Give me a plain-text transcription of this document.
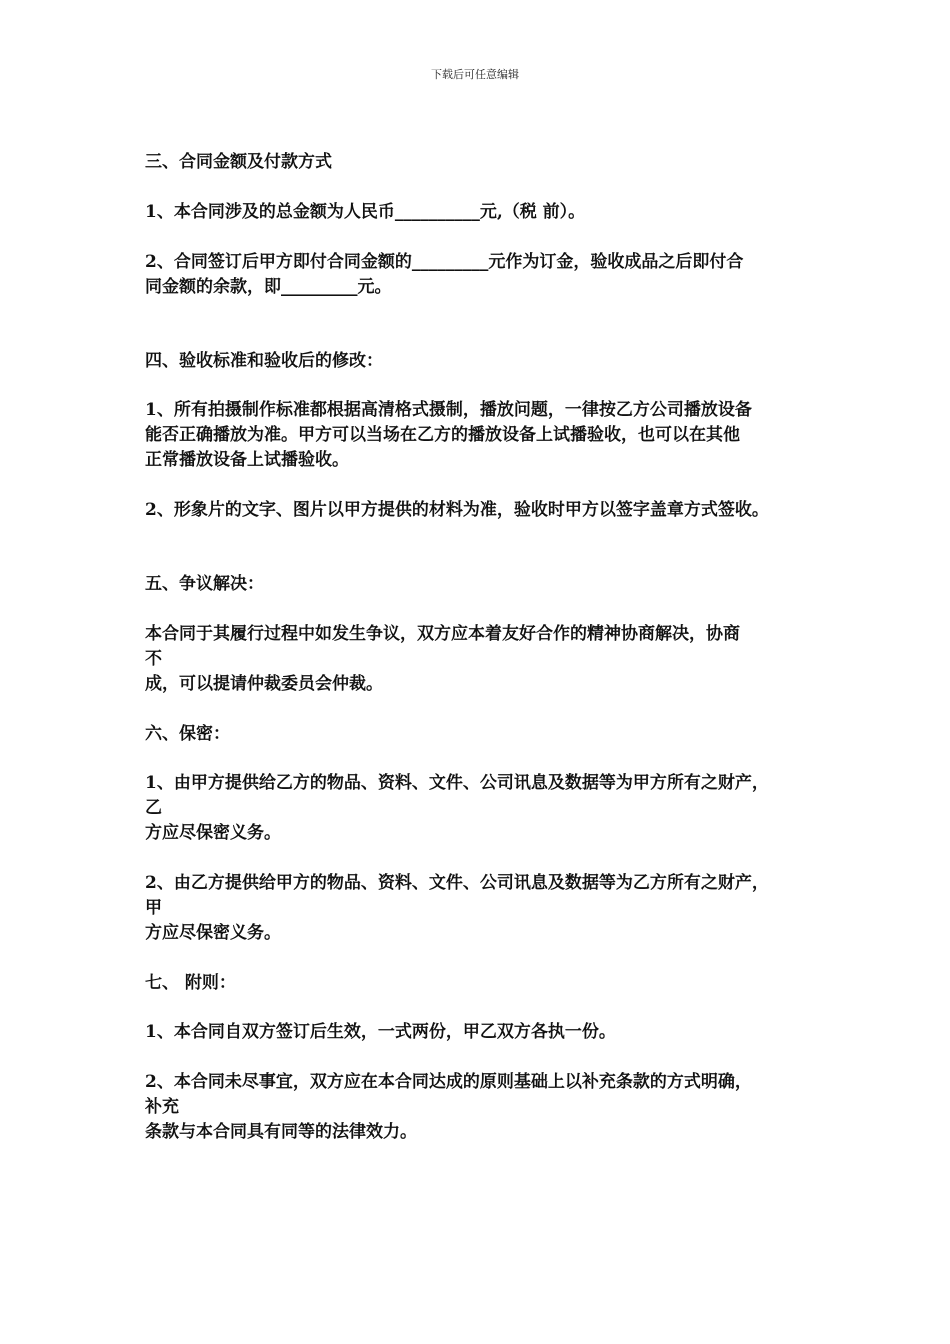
下载后可任意编辑

三、合同金额及付款方式

1、本合同涉及的总金额为人民币__________元,（税 前）。

2、合同签订后甲方即付合同金额的_________元作为订金，验收成品之后即付合

同金额的余款，即_________元。

四、验收标准和验收后的修改：

1、所有拍摄制作标准都根据高清格式摄制，播放问题，一律按乙方公司播放设备

能否正确播放为准。甲方可以当场在乙方的播放设备上试播验收，也可以在其他

正常播放设备上试播验收。

2、形象片的文字、图片以甲方提供的材料为准，验收时甲方以签字盖章方式签收。

五、争议解决：

本合同于其履行过程中如发生争议，双方应本着友好合作的精神协商解决，协商

不

成，可以提请仲裁委员会仲裁。

六、保密：

1、由甲方提供给乙方的物品、资料、文件、公司讯息及数据等为甲方所有之财产，

乙

方应尽保密义务。

2、由乙方提供给甲方的物品、资料、文件、公司讯息及数据等为乙方所有之财产，

甲

方应尽保密义务。

七、 附则：

1、本合同自双方签订后生效，一式两份，甲乙双方各执一份。

2、本合同未尽事宜，双方应在本合同达成的原则基础上以补充条款的方式明确，

补充

条款与本合同具有同等的法律效力。
